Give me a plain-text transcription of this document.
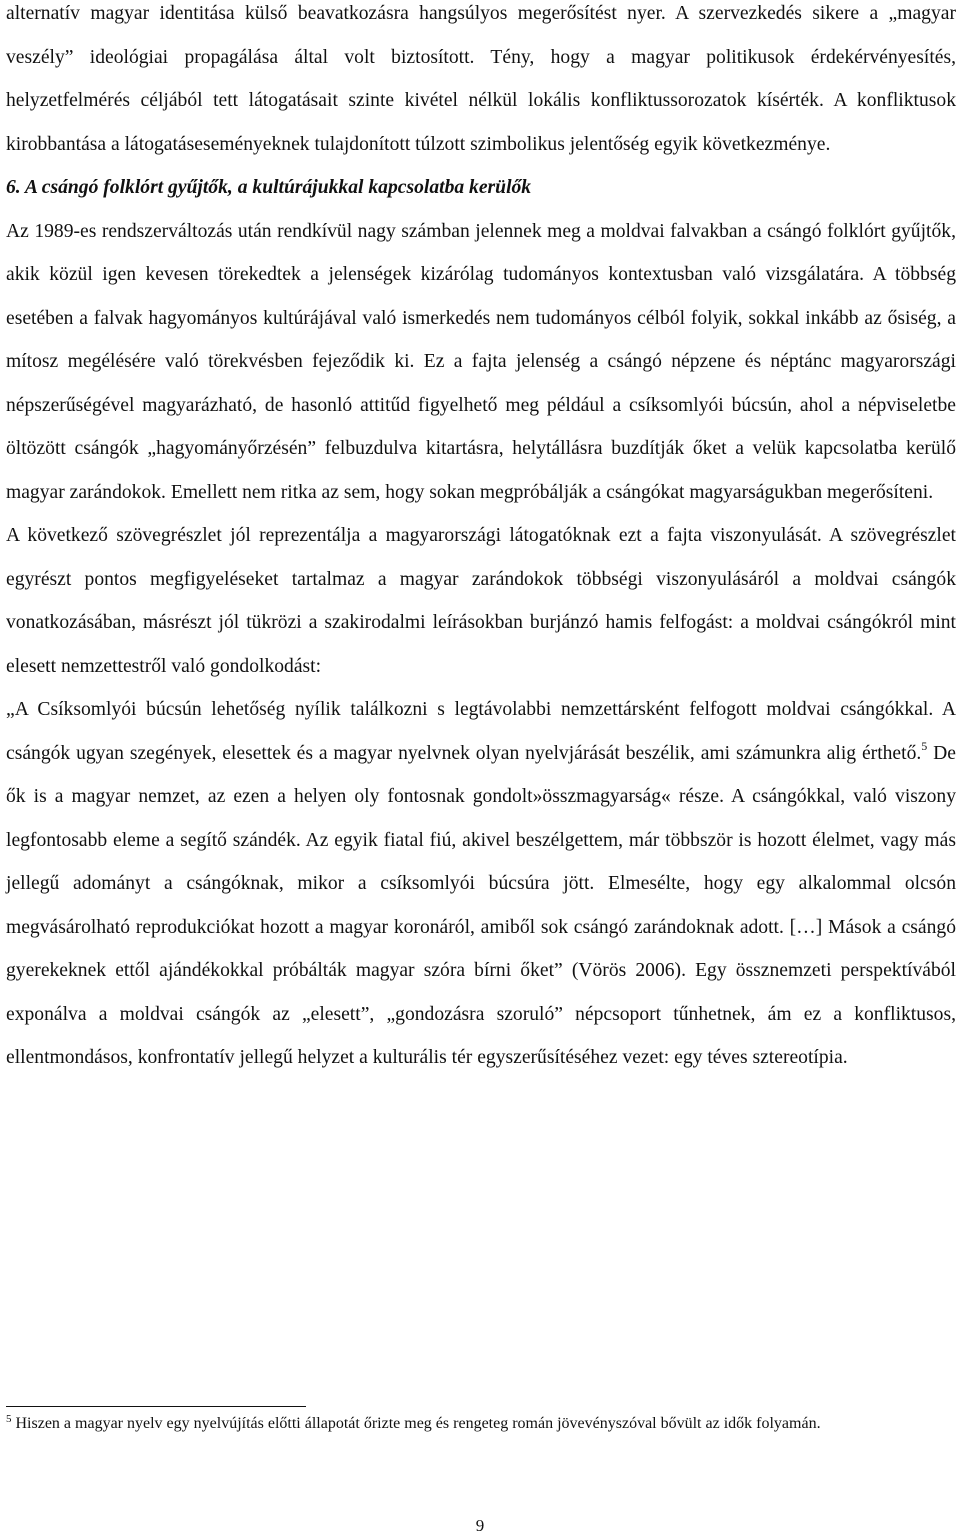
alternatív magyar identitása külső beavatkozásra hangsúlyos megerősítést nyer. A szervezkedés sikere a „magyar veszély” ideológiai propagálása által volt biztosított. Tény, hogy a magyar politikusok érdekérvényesítés, helyzetfelmérés céljából tett látogatásait szinte kivétel nélkül lokális konfliktussorozatok kísérték. A konfliktusok kirobbantása a látogatáseseményeknek tulajdonított túlzott szimbolikus jelentőség egyik következménye.

6. A csángó folklórt gyűjtők, a kultúrájukkal kapcsolatba kerülők

Az 1989-es rendszerváltozás után rendkívül nagy számban jelennek meg a moldvai falvakban a csángó folklórt gyűjtők, akik közül igen kevesen törekedtek a jelenségek kizárólag tudományos kontextusban való vizsgálatára. A többség esetében a falvak hagyományos kultúrájával való ismerkedés nem tudományos célból folyik, sokkal inkább az ősiség, a mítosz megélésére való törekvésben fejeződik ki. Ez a fajta jelenség a csángó népzene és néptánc magyarországi népszerűségével magyarázható, de hasonló attitűd figyelhető meg például a csíksomlyói búcsún, ahol a népviseletbe öltözött csángók „hagyományőrzésén” felbuzdulva kitartásra, helytállásra buzdítják őket a velük kapcsolatba kerülő magyar zarándokok. Emellett nem ritka az sem, hogy sokan megpróbálják a csángókat magyarságukban megerősíteni.

A következő szövegrészlet jól reprezentálja a magyarországi látogatóknak ezt a fajta viszonyulását. A szövegrészlet egyrészt pontos megfigyeléseket tartalmaz a magyar zarándokok többségi viszonyulásáról a moldvai csángók vonatkozásában, másrészt jól tükrözi a szakirodalmi leírásokban burjánzó hamis felfogást: a moldvai csángókról mint elesett nemzettestről való gondolkodást:

„A Csíksomlyói búcsún lehetőség nyílik találkozni s legtávolabbi nemzettársként felfogott moldvai csángókkal. A csángók ugyan szegények, elesettek és a magyar nyelvnek olyan nyelvjárását beszélik, ami számunkra alig érthető.$^5$ De ők is a magyar nemzet, az ezen a helyen oly fontosnak gondolt»összmagyarság« része. A csángókkal, való viszony legfontosabb eleme a segítő szándék. Az egyik fiatal fiú, akivel beszélgettem, már többször is hozott élelmet, vagy más jellegű adományt a csángóknak, mikor a csíksomlyói búcsúra jött. Elmesélte, hogy egy alkalommal olcsón megvásárolható reprodukciókat hozott a magyar koronáról, amiből sok csángó zarándoknak adott. […] Mások a csángó gyerekeknek ettől ajándékokkal próbálták magyar szóra bírni őket” (Vörös 2006). Egy össznemzeti perspektívából exponálva a moldvai csángók az „elesett”, „gondozásra szoruló” népcsoport tűnhetnek, ám ez a konfliktusos, ellentmondásos, konfrontatív jellegű helyzet a kulturális tér egyszerűsítéséhez vezet: egy téves sztereotípia.

$^5$ Hiszen a magyar nyelv egy nyelvújítás előtti állapotát őrizte meg és rengeteg román jövevényszóval bővült az idők folyamán.

9
